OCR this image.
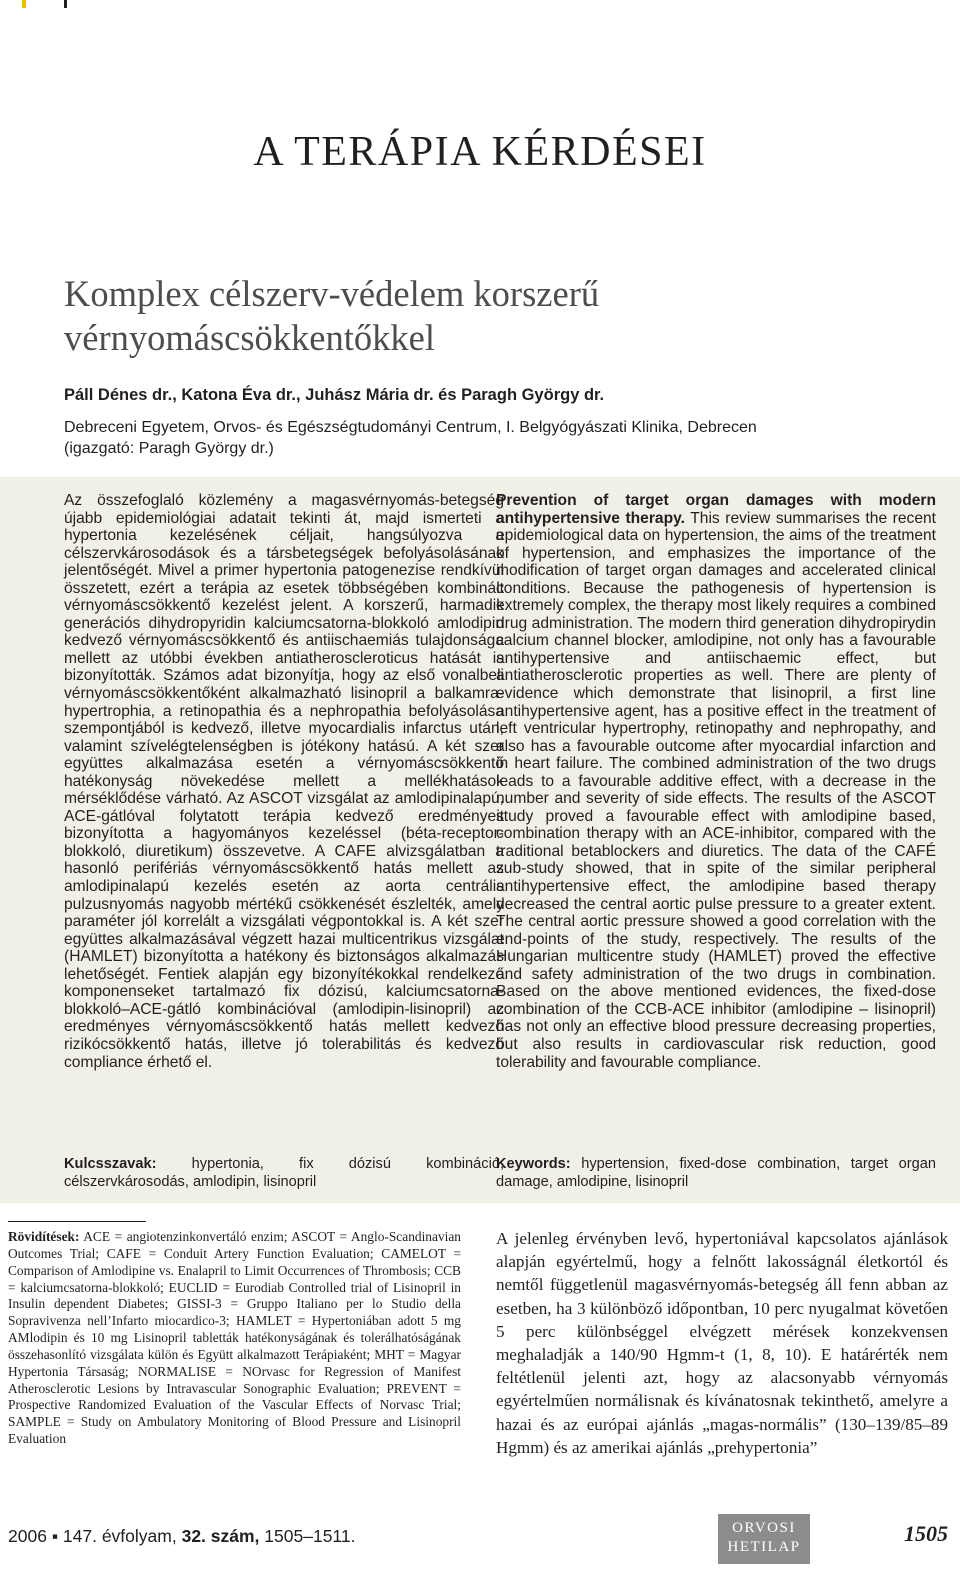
A TERÁPIA KÉRDÉSEI
Komplex célszerv-védelem korszerű
vérnyomáscsökkentőkkel

Páll Dénes dr., Katona Éva dr., Juhász Mária dr. és Paragh György dr.

Debreceni Egyetem, Orvos- és Egészségtudományi Centrum, I. Belgyógyászati Klinika, Debrecen
(igazgató: Paragh György dr.)

Az összefoglaló közlemény a magasvérnyomás-betegség újabb epidemiológiai adatait tekinti át, majd ismerteti a hypertonia kezelésének céljait, hangsúlyozva a célszervkárosodások és a társbetegségek befolyásolásának jelentőségét. Mivel a primer hypertonia patogenezise rendkívül összetett, ezért a terápia az esetek többségében kombinált vérnyomáscsökkentő kezelést jelent. A korszerű, harmadik generációs dihydropyridin kalciumcsatorna-blokkoló amlodipin kedvező vérnyomáscsökkentő és antiischaemiás tulajdonsága mellett az utóbbi években antiatheroscleroticus hatását is bizonyították. Számos adat bizonyítja, hogy az első vonalbeli vérnyomáscsökkentőként alkalmazható lisinopril a balkamra-hypertrophia, a retinopathia és a nephropathia befolyásolása szempontjából is kedvező, illetve myocardialis infarctus után, valamint szívelégtelenségben is jótékony hatású. A két szer együttes alkalmazása esetén a vérnyomáscsökkentő hatékonyság növekedése mellett a mellékhatások mérséklődése várható. Az ASCOT vizsgálat az amlodipinalapú, ACE-gátlóval folytatott terápia kedvező eredményeit bizonyította a hagyományos kezeléssel (béta-receptor-blokkoló, diuretikum) összevetve. A CAFE alvizsgálatban a hasonló perifériás vérnyomáscsökkentő hatás mellett az amlodipinalapú kezelés esetén az aorta centrális pulzusnyomás nagyobb mértékű csökkenését észlelték, amely paraméter jól korrelált a vizsgálati végpontokkal is. A két szer együttes alkalmazásával végzett hazai multicentrikus vizsgálat (HAMLET) bizonyította a hatékony és biztonságos alkalmazás lehetőségét. Fentiek alapján egy bizonyítékokkal rendelkező komponenseket tartalmazó fix dózisú, kalciumcsatorna-blokkoló–ACE-gátló kombinációval (amlodipin-lisinopril) az eredményes vérnyomáscsökkentő hatás mellett kedvező rizikócsökkentő hatás, illetve jó tolerabilitás és kedvező compliance érhető el.

Prevention of target organ damages with modern antihypertensive therapy. This review summarises the recent epidemiological data on hypertension, the aims of the treatment of hypertension, and emphasizes the importance of the modification of target organ damages and accelerated clinical conditions. Because the pathogenesis of hypertension is extremely complex, the therapy most likely requires a combined drug administration. The modern third generation dihydropirydin calcium channel blocker, amlodipine, not only has a favourable antihypertensive and antiischaemic effect, but antiatherosclerotic properties as well. There are plenty of evidence which demonstrate that lisinopril, a first line antihypertensive agent, has a positive effect in the treatment of left ventricular hypertrophy, retinopathy and nephropathy, and also has a favourable outcome after myocardial infarction and in heart failure. The combined administration of the two drugs leads to a favourable additive effect, with a decrease in the number and severity of side effects. The results of the ASCOT study proved a favourable effect with amlodipine based, combination therapy with an ACE-inhibitor, compared with the traditional betablockers and diuretics. The data of the CAFÉ sub-study showed, that in spite of the similar peripheral antihypertensive effect, the amlodipine based therapy decreased the central aortic pulse pressure to a greater extent. The central aortic pressure showed a good correlation with the end-points of the study, respectively. The results of the Hungarian multicentre study (HAMLET) proved the effective and safety administration of the two drugs in combination. Based on the above mentioned evidences, the fixed-dose combination of the CCB-ACE inhibitor (amlodipine – lisinopril) has not only an effective blood pressure decreasing properties, but also results in cardiovascular risk reduction, good tolerability and favourable compliance.

Kulcsszavak: hypertonia, fix dózisú kombináció, célszervkárosodás, amlodipin, lisinopril

Keywords: hypertension, fixed-dose combination, target organ damage, amlodipine, lisinopril

Rövidítések: ACE = angiotenzinkonvertáló enzim; ASCOT = Anglo-Scandinavian Outcomes Trial; CAFE = Conduit Artery Function Evaluation; CAMELOT = Comparison of Amlodipine vs. Enalapril to Limit Occurrences of Thrombosis; CCB = kalciumcsatorna-blokkoló; EUCLID = Eurodiab Controlled trial of Lisinopril in Insulin dependent Diabetes; GISSI-3 = Gruppo Italiano per lo Studio della Sopravivenza nell’Infarto miocardico-3; HAMLET = Hypertoniában adott 5 mg AMlodipin és 10 mg Lisinopril tabletták hatékonyságának és tolerálhatóságának összehasonlító vizsgálata külön és Együtt alkalmazott Terápiaként; MHT = Magyar Hypertonia Társaság; NORMALISE = NOrvasc for Regression of Manifest Atherosclerotic Lesions by Intravascular Sonographic Evaluation; PREVENT = Prospective Randomized Evaluation of the Vascular Effects of Norvasc Trial; SAMPLE = Study on Ambulatory Monitoring of Blood Pressure and Lisinopril Evaluation

A jelenleg érvényben levő, hypertoniával kapcsolatos ajánlások alapján egyértelmű, hogy a felnőtt lakosságnál életkortól és nemtől függetlenül magasvérnyomás-betegség áll fenn abban az esetben, ha 3 különböző időpontban, 10 perc nyugalmat követően 5 perc különbséggel elvégzett mérések konzekvensen meghaladják a 140/90 Hgmm-t (1, 8, 10). E határérték nem feltétlenül jelenti azt, hogy az alacsonyabb vérnyomás egyértelműen normálisnak és kívánatosnak tekinthető, amelyre a hazai és az európai ajánlás „magas-normális” (130–139/85–89 Hgmm) és az amerikai ajánlás „prehypertonia”

2006 ▪ 147. évfolyam, 32. szám, 1505–1511.	ORVOSI
HETILAP

1505
